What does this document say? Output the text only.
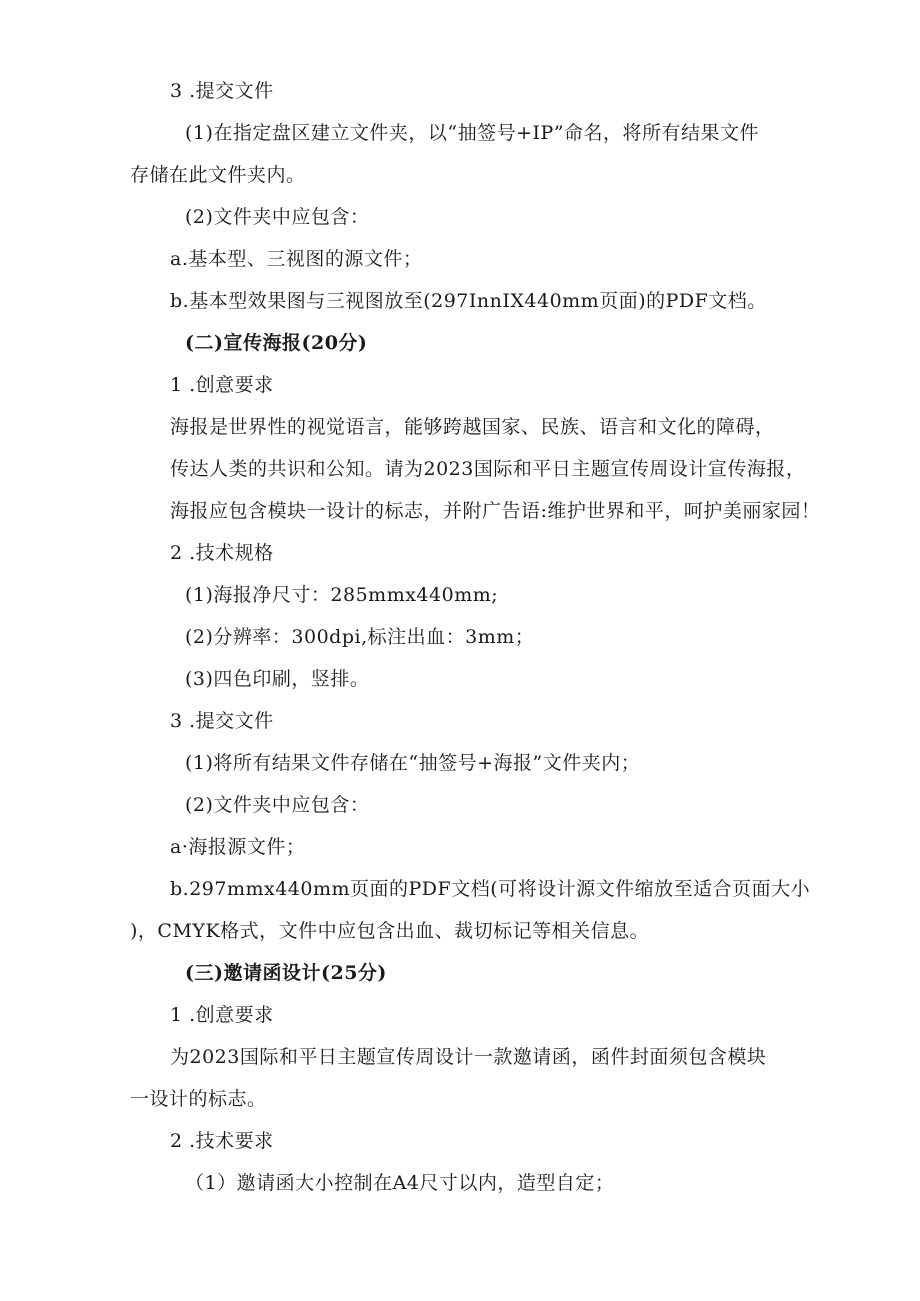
3 .提交文件
(1)在指定盘区建立文件夹，以“抽签号+IP”命名，将所有结果文件
存储在此文件夹内。
(2)文件夹中应包含：
a.基本型、三视图的源文件；
b.基本型效果图与三视图放至(297InnIX440mm页面)的PDF文档。
(二)宣传海报(20分)
1 .创意要求
海报是世界性的视觉语言，能够跨越国家、民族、语言和文化的障碍，
传达人类的共识和公知。请为2023国际和平日主题宣传周设计宣传海报，
海报应包含模块一设计的标志，并附广告语:维护世界和平，呵护美丽家园！
2 .技术规格
(1)海报净尺寸：285mmx440mm;
(2)分辨率：300dpi,标注出血：3mm；
(3)四色印刷，竖排。
3 .提交文件
(1)将所有结果文件存储在“抽签号+海报”文件夹内；
(2)文件夹中应包含：
a·海报源文件；
b.297mmx440mm页面的PDF文档(可将设计源文件缩放至适合页面大小
)，CMYK格式，文件中应包含出血、裁切标记等相关信息。
(三)邀请函设计(25分)
1 .创意要求
为2023国际和平日主题宣传周设计一款邀请函，函件封面须包含模块
一设计的标志。
2 .技术要求
（1）邀请函大小控制在A4尺寸以内，造型自定；
